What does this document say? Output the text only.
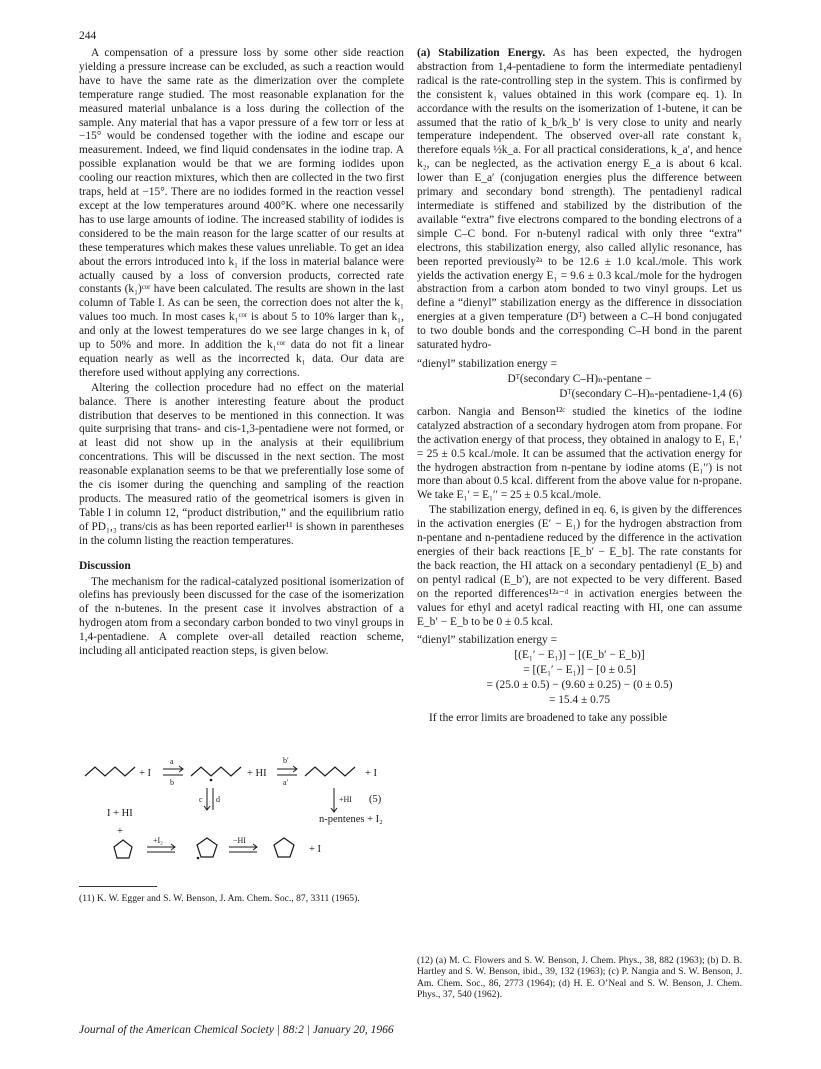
244

A compensation of a pressure loss by some other side reaction yielding a pressure increase can be excluded, as such a reaction would have to have the same rate as the dimerization over the complete temperature range studied. The most reasonable explanation for the measured material unbalance is a loss during the collection of the sample. Any material that has a vapor pressure of a few torr or less at −15° would be condensed together with the iodine and escape our measurement. Indeed, we find liquid condensates in the iodine trap. A possible explanation would be that we are forming iodides upon cooling our reaction mixtures, which then are collected in the two first traps, held at −15°. There are no iodides formed in the reaction vessel except at the low temperatures around 400°K. where one necessarily has to use large amounts of iodine. The increased stability of iodides is considered to be the main reason for the large scatter of our results at these temperatures which makes these values unreliable. To get an idea about the errors introduced into k₁ if the loss in material balance were actually caused by a loss of conversion products, corrected rate constants (k₁)ᶜᵒʳ have been calculated. The results are shown in the last column of Table I. As can be seen, the correction does not alter the k₁ values too much. In most cases k₁ᶜᵒʳ is about 5 to 10% larger than k₁, and only at the lowest temperatures do we see large changes in k₁ of up to 50% and more. In addition the k₁ᶜᵒʳ data do not fit a linear equation nearly as well as the incorrected k₁ data. Our data are therefore used without applying any corrections.

Altering the collection procedure had no effect on the material balance. There is another interesting feature about the product distribution that deserves to be mentioned in this connection. It was quite surprising that trans- and cis-1,3-pentadiene were not formed, or at least did not show up in the analysis at their equilibrium concentrations. This will be discussed in the next section. The most reasonable explanation seems to be that we preferentially lose some of the cis isomer during the quenching and sampling of the reaction products. The measured ratio of the geometrical isomers is given in Table I in column 12, “product distribution,” and the equilibrium ratio of PD₁,₃ trans/cis as has been reported earlier¹¹ is shown in parentheses in the column listing the reaction temperatures.

Discussion

The mechanism for the radical-catalyzed positional isomerization of olefins has previously been discussed for the case of the isomerization of the n-butenes. In the present case it involves abstraction of a hydrogen atom from a secondary carbon bonded to two vinyl groups in 1,4-pentadiene. A complete over-all detailed reaction scheme, including all anticipated reaction steps, is given below.

+ I
a
b
+ HI
b′
a′
+ I
c d
I + HI
+HI (5)
n-pentenes + I₂
+
+I₂	−HI
+ I
(11) K. W. Egger and S. W. Benson, J. Am. Chem. Soc., 87, 3311 (1965).

(a) Stabilization Energy. As has been expected, the hydrogen abstraction from 1,4-pentadiene to form the intermediate pentadienyl radical is the rate-controlling step in the system. This is confirmed by the consistent k₁ values obtained in this work (compare eq. 1). In accordance with the results on the isomerization of 1-butene, it can be assumed that the ratio of k_b/k_b′ is very close to unity and nearly temperature independent. The observed over-all rate constant k₁ therefore equals ½k_a. For all practical considerations, k_a′, and hence k₂, can be neglected, as the activation energy E_a is about 6 kcal. lower than E_a′ (conjugation energies plus the difference between primary and secondary bond strength). The pentadienyl radical intermediate is stiffened and stabilized by the distribution of the available “extra” five electrons compared to the bonding electrons of a simple C–C bond. For n-butenyl radical with only three “extra” electrons, this stabilization energy, also called allylic resonance, has been reported previously²ᵃ to be 12.6 ± 1.0 kcal./mole. This work yields the activation energy E₁ = 9.6 ± 0.3 kcal./mole for the hydrogen abstraction from a carbon atom bonded to two vinyl groups. Let us define a “dienyl” stabilization energy as the difference in dissociation energies at a given temperature (Dᵀ) between a C–H bond conjugated to two double bonds and the corresponding C–H bond in the parent saturated hydro-

“dienyl” stabilization energy =
Dᵀ(secondary C–H)ₙ-pentane −
Dᵀ(secondary C–H)ₙ-pentadiene-1,4 (6)

carbon. Nangia and Benson¹²ᶜ studied the kinetics of the iodine catalyzed abstraction of a secondary hydrogen atom from propane. For the activation energy of that process, they obtained in analogy to E₁ E₁′ = 25 ± 0.5 kcal./mole. It can be assumed that the activation energy for the hydrogen abstraction from n-pentane by iodine atoms (E₁′′) is not more than about 0.5 kcal. different from the above value for n-propane. We take E₁′ = E₁′′ = 25 ± 0.5 kcal./mole.

The stabilization energy, defined in eq. 6, is given by the differences in the activation energies (E′ − E₁) for the hydrogen abstraction from n-pentane and n-pentadiene reduced by the difference in the activation energies of their back reactions [E_b′ − E_b]. The rate constants for the back reaction, the HI attack on a secondary pentadienyl (E_b) and on pentyl radical (E_b′), are not expected to be very different. Based on the reported differences¹²ᵃ⁻ᵈ in activation energies between the values for ethyl and acetyl radical reacting with HI, one can assume E_b′ − E_b to be 0 ± 0.5 kcal.

“dienyl” stabilization energy =
[(E₁′ − E₁)] − [(E_b′ − E_b)]
= [(E₁′ − E₁)] − [0 ± 0.5]
= (25.0 ± 0.5) − (9.60 ± 0.25) − (0 ± 0.5)
= 15.4 ± 0.75

If the error limits are broadened to take any possible

(12) (a) M. C. Flowers and S. W. Benson, J. Chem. Phys., 38, 882 (1963); (b) D. B. Hartley and S. W. Benson, ibid., 39, 132 (1963); (c) P. Nangia and S. W. Benson, J. Am. Chem. Soc., 86, 2773 (1964); (d) H. E. O’Neal and S. W. Benson, J. Chem. Phys., 37, 540 (1962).
Journal of the American Chemical Society | 88:2 | January 20, 1966
